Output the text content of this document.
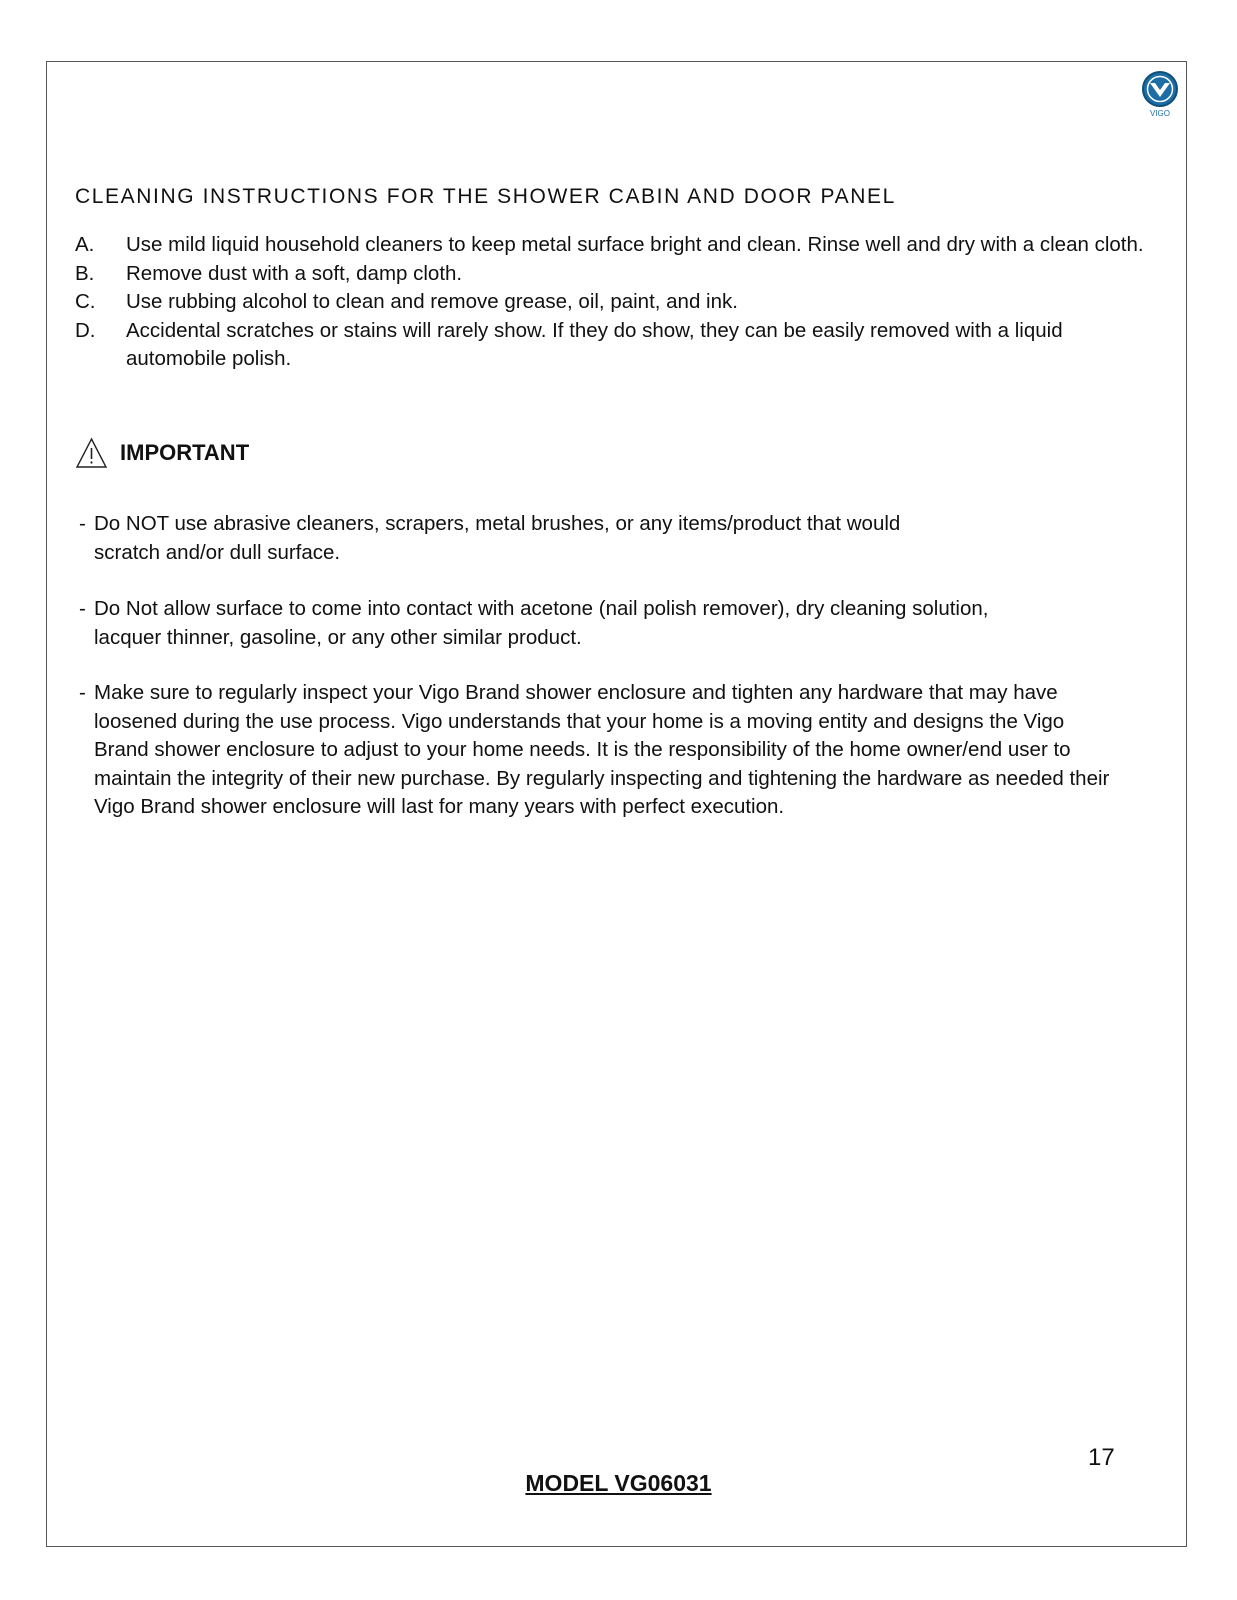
VIGO
CLEANING INSTRUCTIONS FOR THE SHOWER CABIN AND DOOR PANEL
A.	Use mild liquid household cleaners to keep metal surface bright and clean. Rinse well and dry with a clean cloth.
B.	Remove dust with a soft, damp cloth.
C.	Use rubbing alcohol to clean and remove grease, oil, paint, and ink.
D.	Accidental scratches or stains will rarely show. If they do show, they can be easily removed with a liquid automobile polish.
IMPORTANT
- Do NOT use abrasive cleaners, scrapers, metal brushes, or any items/product that would scratch and/or dull surface.
- Do Not allow surface to come into contact with acetone (nail polish remover), dry cleaning solution, lacquer thinner, gasoline, or any other similar product.
- Make sure to regularly inspect your Vigo Brand shower enclosure and tighten any hardware that may have loosened during the use process. Vigo understands that your home is a moving entity and designs the Vigo Brand shower enclosure to adjust to your home needs. It is the responsibility of the home owner/end user to maintain the integrity of their new purchase. By regularly inspecting and tightening the hardware as needed their Vigo Brand shower enclosure will last for many years with perfect execution.
17
MODEL VG06031
